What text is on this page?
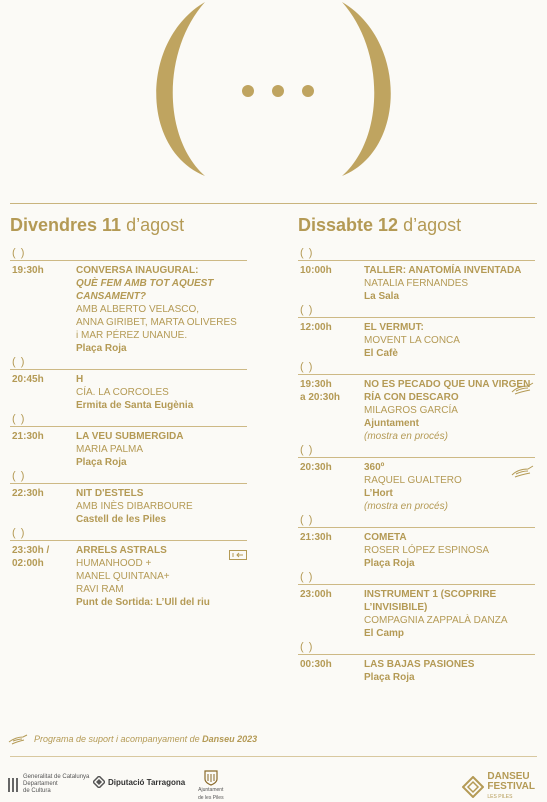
Divendres 11 d’agost
( )
19:30h	CONVERSA INAUGURAL:
QUÈ FEM AMB TOT AQUEST CANSAMENT?
AMB ALBERTO VELASCO,
ANNA GIRIBET, MARTA OLIVERES
i MAR PÉREZ UNANUE.
Plaça Roja
( )
20:45h	H
CÍA. LA CORCOLES
Ermita de Santa Eugènia
( )
21:30h	LA VEU SUBMERGIDA
MARIA PALMA
Plaça Roja
( )
22:30h	NIT D'ESTELS
AMB INÈS DIBARBOURE
Castell de les Piles
( )
23:30h /
02:00h
ARRELS ASTRALS
HUMANHOOD +
MANEL QUINTANA+
RAVI RAM
Punt de Sortida: L’Ull del riu
Dissabte 12 d’agost
( )
10:00h	TALLER: ANATOMÍA INVENTADA
NATALIA FERNANDES
La Sala
( )
12:00h	EL VERMUT:
MOVENT LA CONCA
El Cafè
( )
19:30h
a 20:30h
NO ES PECADO QUE UNA VIRGEN RÍA CON DESCARO
MILAGROS GARCÍA
Ajuntament
(mostra en procés)
( )
20:30h	360º
RAQUEL GUALTERO
L’Hort
(mostra en procés)
( )
21:30h	COMETA
ROSER LÓPEZ ESPINOSA
Plaça Roja
( )
23:00h	INSTRUMENT 1 (SCOPRIRE L’INVISIBILE)
COMPAGNIA ZAPPALÀ DANZA
El Camp
( )
00:30h	LAS BAJAS PASIONES
Plaça Roja
Programa de suport i acompanyament de Danseu 2023
Generalitat de Catalunya
Departament
de Cultura
Diputació Tarragona
Ajuntament
de les Piles
DANSEU
FESTIVAL
LES PILES
